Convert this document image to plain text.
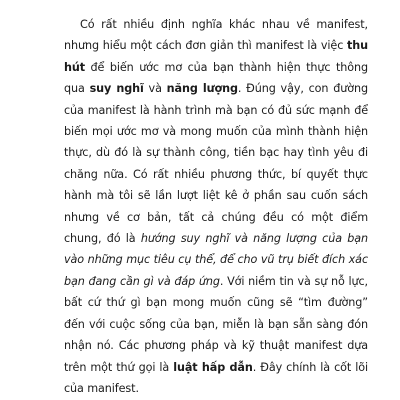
Có rất nhiều định nghĩa khác nhau về manifest, nhưng hiểu một cách đơn giản thì manifest là việc thu hút để biến ước mơ của bạn thành hiện thực thông qua suy nghĩ và năng lượng. Đúng vậy, con đường của manifest là hành trình mà bạn có đủ sức mạnh để biến mọi ước mơ và mong muốn của mình thành hiện thực, dù đó là sự thành công, tiền bạc hay tình yêu đi chăng nữa. Có rất nhiều phương thức, bí quyết thực hành mà tôi sẽ lần lượt liệt kê ở phần sau cuốn sách nhưng về cơ bản, tất cả chúng đều có một điểm chung, đó là hướng suy nghĩ và năng lượng của bạn vào những mục tiêu cụ thể, để cho vũ trụ biết đích xác bạn đang cần gì và đáp ứng. Với niềm tin và sự nỗ lực, bất cứ thứ gì bạn mong muốn cũng sẽ “tìm đường” đến với cuộc sống của bạn, miễn là bạn sẵn sàng đón nhận nó. Các phương pháp và kỹ thuật manifest dựa trên một thứ gọi là luật hấp dẫn. Đây chính là cốt lõi của manifest.
